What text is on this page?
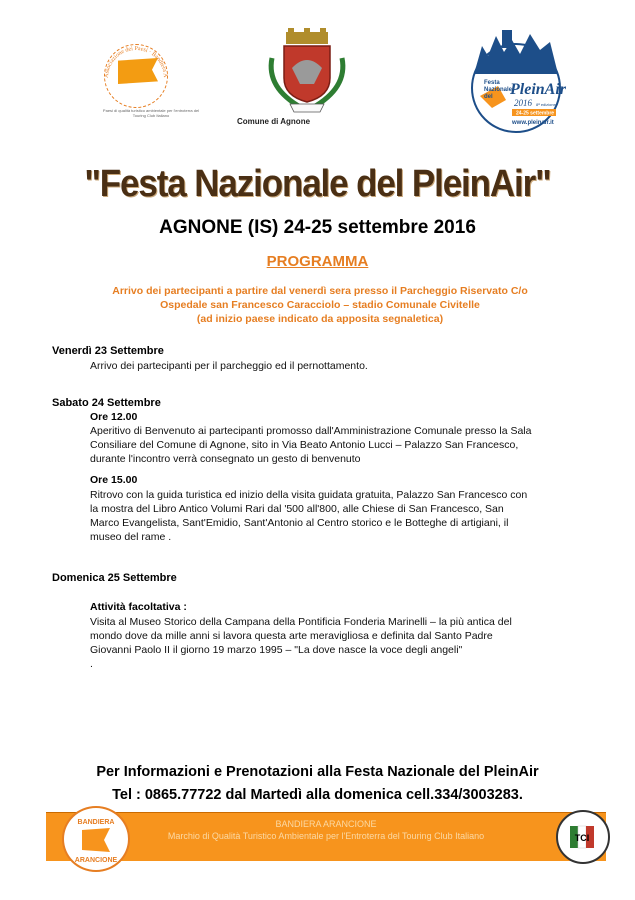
Associazione dei Paesi · Bandiera A
Paesi di qualità turistico ambientale per l'entroterra del Touring Club Italiano
Comune di Agnone
Festa
Nazionale
del PleinAir
2016 8ª edizione
24-25 settembre
www.pleinair.it
"Festa Nazionale del PleinAir"
AGNONE (IS) 24-25 settembre 2016
PROGRAMMA
Arrivo dei partecipanti a partire dal venerdì sera presso il Parcheggio Riservato C/o
Ospedale san Francesco Caracciolo – stadio Comunale Civitelle
(ad inizio paese indicato da apposita segnaletica)
Venerdì 23 Settembre
Arrivo dei partecipanti per il parcheggio ed il pernottamento.
Sabato 24 Settembre
Ore 12.00
Aperitivo di Benvenuto ai partecipanti promosso dall'Amministrazione Comunale presso la Sala
Consiliare del Comune di Agnone, sito in Via Beato Antonio Lucci – Palazzo San Francesco,
durante l'incontro verrà consegnato un gesto di benvenuto
Ore 15.00
Ritrovo con la guida turistica ed inizio della visita guidata gratuita, Palazzo San Francesco con
la mostra del Libro Antico Volumi Rari dal '500 all'800, alle Chiese di San Francesco, San
Marco Evangelista, Sant'Emidio, Sant'Antonio al Centro storico e le Botteghe di artigiani, il
museo del rame .
Domenica 25 Settembre
Attività facoltativa :
Visita al Museo Storico della Campana della Pontificia Fonderia Marinelli – la più antica del
mondo dove da mille anni si lavora questa arte meravigliosa e definita dal Santo Padre
Giovanni Paolo II il giorno 19 marzo 1995 – "La dove nasce la voce degli angeli"
.
Per Informazioni e Prenotazioni alla Festa Nazionale del PleinAir
Tel : 0865.77722 dal Martedì alla domenica cell.334/3003283.
BANDIERA ARANCIONE
Marchio di Qualità Turistico Ambientale per l'Entroterra del Touring Club Italiano
BANDIERA
ARANCIONE
TCI
